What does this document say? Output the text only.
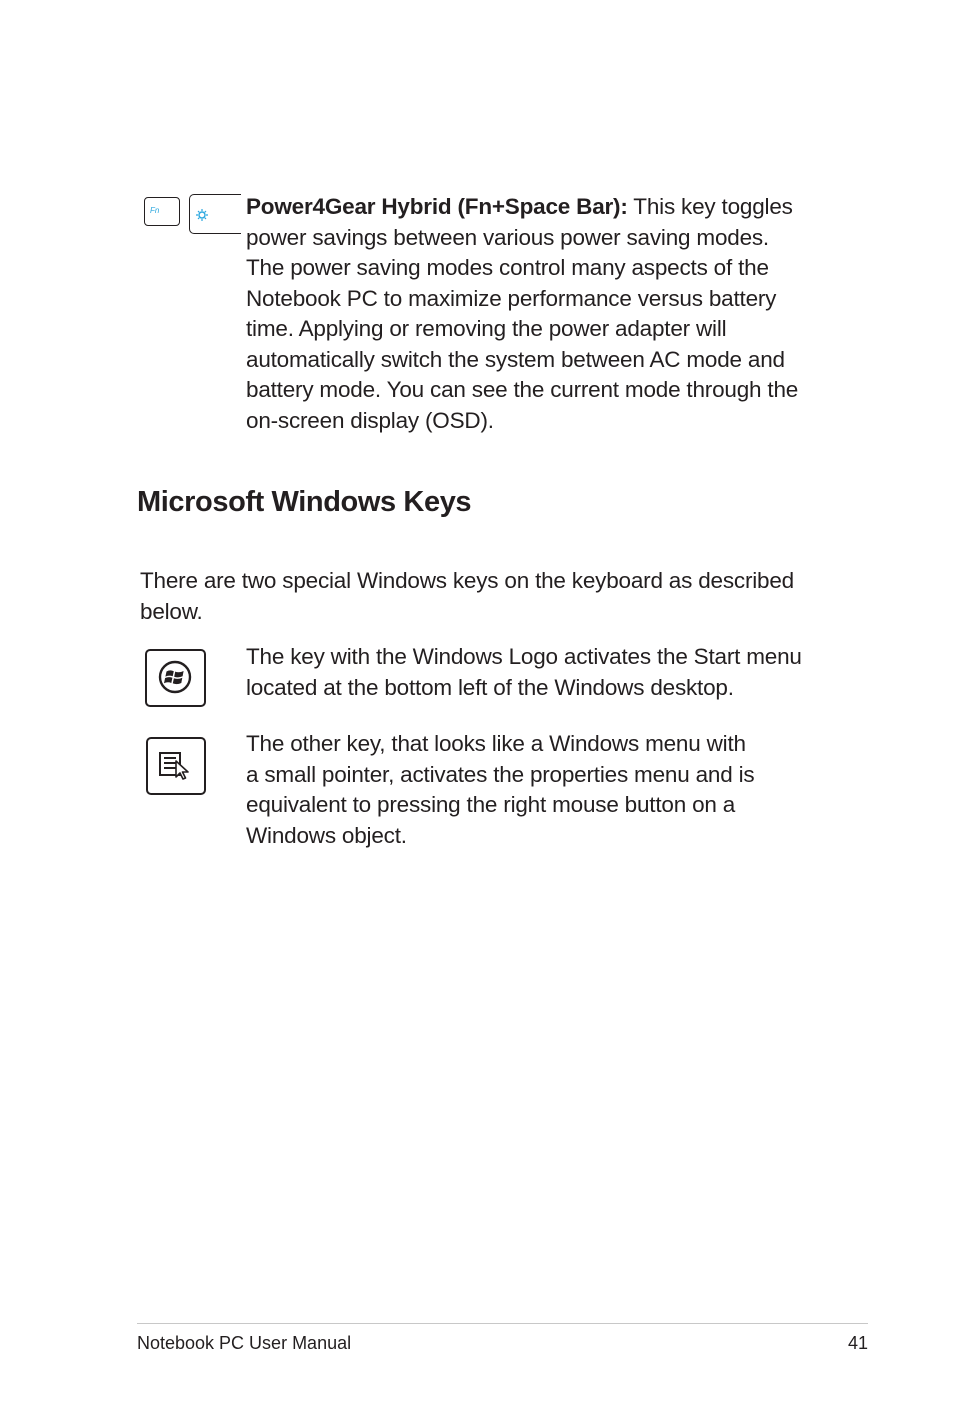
Fn	Power4Gear Hybrid (Fn+Space Bar): This key toggles

power savings between various power saving modes.

The power saving modes control many aspects of the

Notebook PC to maximize performance versus battery

time. Applying or removing the power adapter will

automatically switch the system between AC mode and

battery mode. You can see the current mode through the

on-screen display (OSD).

Microsoft Windows Keys

There are two special Windows keys on the keyboard as described

below.

The key with the Windows Logo activates the Start menu

located at the bottom left of the Windows desktop.

The other key, that looks like a Windows menu with

a small pointer, activates the properties menu and is

equivalent to pressing the right mouse button on a

Windows object.

Notebook PC User Manual	41
